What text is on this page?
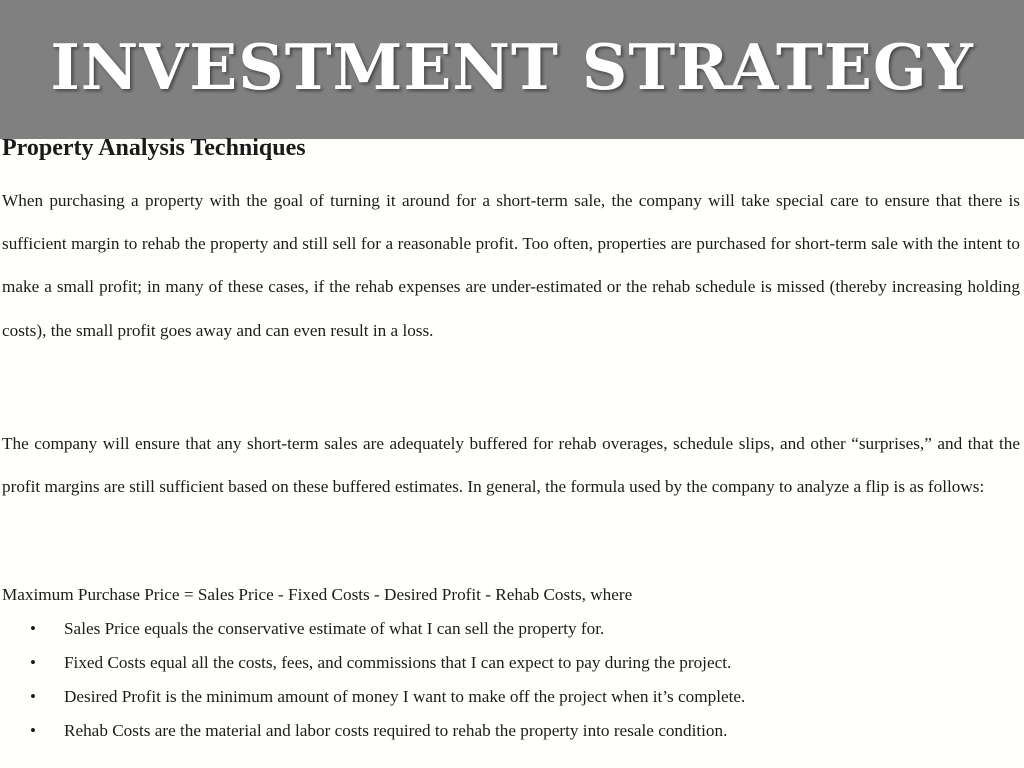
INVESTMENT STRATEGY
Property Analysis Techniques

When purchasing a property with the goal of turning it around for a short-term sale, the company will take special care to ensure that there is sufficient margin to rehab the property and still sell for a reasonable profit. Too often, properties are purchased for short-term sale with the intent to make a small profit; in many of these cases, if the rehab expenses are under-estimated or the rehab schedule is missed (thereby increasing holding costs), the small profit goes away and can even result in a loss.

The company will ensure that any short-term sales are adequately buffered for rehab overages, schedule slips, and other “surprises,” and that the profit margins are still sufficient based on these buffered estimates. In general, the formula used by the company to analyze a flip is as follows:

Maximum Purchase Price = Sales Price - Fixed Costs - Desired Profit - Rehab Costs, where

• Sales Price equals the conservative estimate of what I can sell the property for.
• Fixed Costs equal all the costs, fees, and commissions that I can expect to pay during the project.
• Desired Profit is the minimum amount of money I want to make off the project when it’s complete.
• Rehab Costs are the material and labor costs required to rehab the property into resale condition.
